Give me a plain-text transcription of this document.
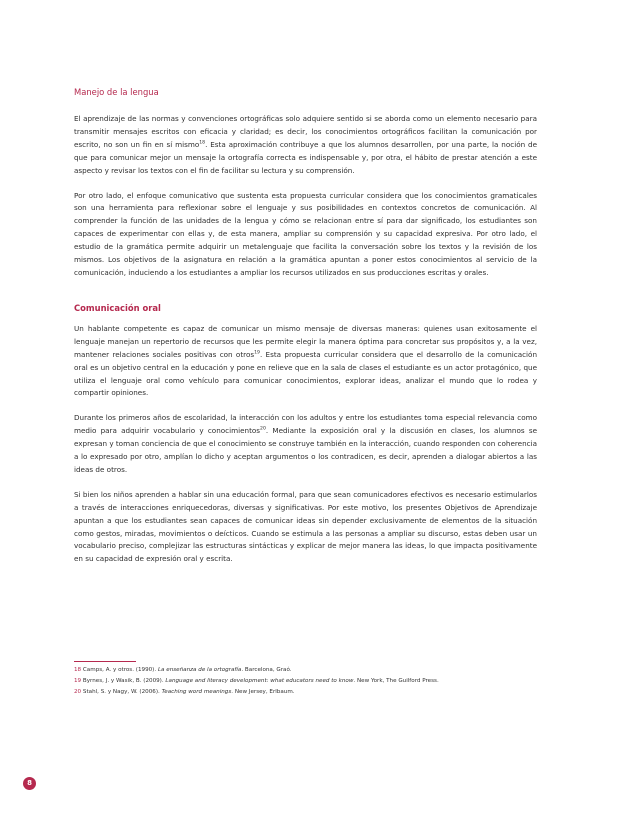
Manejo de la lengua

El aprendizaje de las normas y convenciones ortográficas solo adquiere sentido si se aborda como un elemento necesario para transmitir mensajes escritos con eficacia y claridad; es decir, los conocimientos ortográficos facilitan la comunicación por escrito, no son un fin en sí mismo$^{18}$. Esta aproximación contribuye a que los alumnos desarrollen, por una parte, la noción de que para comunicar mejor un mensaje la ortografía correcta es indispensable y, por otra, el hábito de prestar atención a este aspecto y revisar los textos con el fin de facilitar su lectura y su comprensión.

Por otro lado, el enfoque comunicativo que sustenta esta propuesta curricular considera que los conocimientos gramaticales son una herramienta para reflexionar sobre el lenguaje y sus posibilidades en contextos concretos de comunicación. Al comprender la función de las unidades de la lengua y cómo se relacionan entre sí para dar significado, los estudiantes son capaces de experimentar con ellas y, de esta manera, ampliar su comprensión y su capacidad expresiva. Por otro lado, el estudio de la gramática permite adquirir un metalenguaje que facilita la conversación sobre los textos y la revisión de los mismos. Los objetivos de la asignatura en relación a la gramática apuntan a poner estos conocimientos al servicio de la comunicación, induciendo a los estudiantes a ampliar los recursos utilizados en sus producciones escritas y orales.

Comunicación oral

Un hablante competente es capaz de comunicar un mismo mensaje de diversas maneras: quienes usan exitosamente el lenguaje manejan un repertorio de recursos que les permite elegir la manera óptima para concretar sus propósitos y, a la vez, mantener relaciones sociales positivas con otros$^{19}$. Esta propuesta curricular considera que el desarrollo de la comunicación oral es un objetivo central en la educación y pone en relieve que en la sala de clases el estudiante es un actor protagónico, que utiliza el lenguaje oral como vehículo para comunicar conocimientos, explorar ideas, analizar el mundo que lo rodea y compartir opiniones.

Durante los primeros años de escolaridad, la interacción con los adultos y entre los estudiantes toma especial relevancia como medio para adquirir vocabulario y conocimientos$^{20}$. Mediante la exposición oral y la discusión en clases, los alumnos se expresan y toman conciencia de que el conocimiento se construye también en la interacción, cuando responden con coherencia a lo expresado por otro, amplían lo dicho y aceptan argumentos o los contradicen, es decir, aprenden a dialogar abiertos a las ideas de otros.

Si bien los niños aprenden a hablar sin una educación formal, para que sean comunicadores efectivos es necesario estimularlos a través de interacciones enriquecedoras, diversas y significativas. Por este motivo, los presentes Objetivos de Aprendizaje apuntan a que los estudiantes sean capaces de comunicar ideas sin depender exclusivamente de elementos de la situación como gestos, miradas, movimientos o deícticos. Cuando se estimula a las personas a ampliar su discurso, estas deben usar un vocabulario preciso, complejizar las estructuras sintácticas y explicar de mejor manera las ideas, lo que impacta positivamente en su capacidad de expresión oral y escrita.

18 Camps, A. y otros. (1990). La enseñanza de la ortografía. Barcelona, Graó.
19 Byrnes, J. y Wasik, B. (2009). Language and literacy development: what educators need to know. New York, The Guilford Press.
20 Stahl, S. y Nagy, W. (2006). Teaching word meanings. New Jersey, Erlbaum.
8
